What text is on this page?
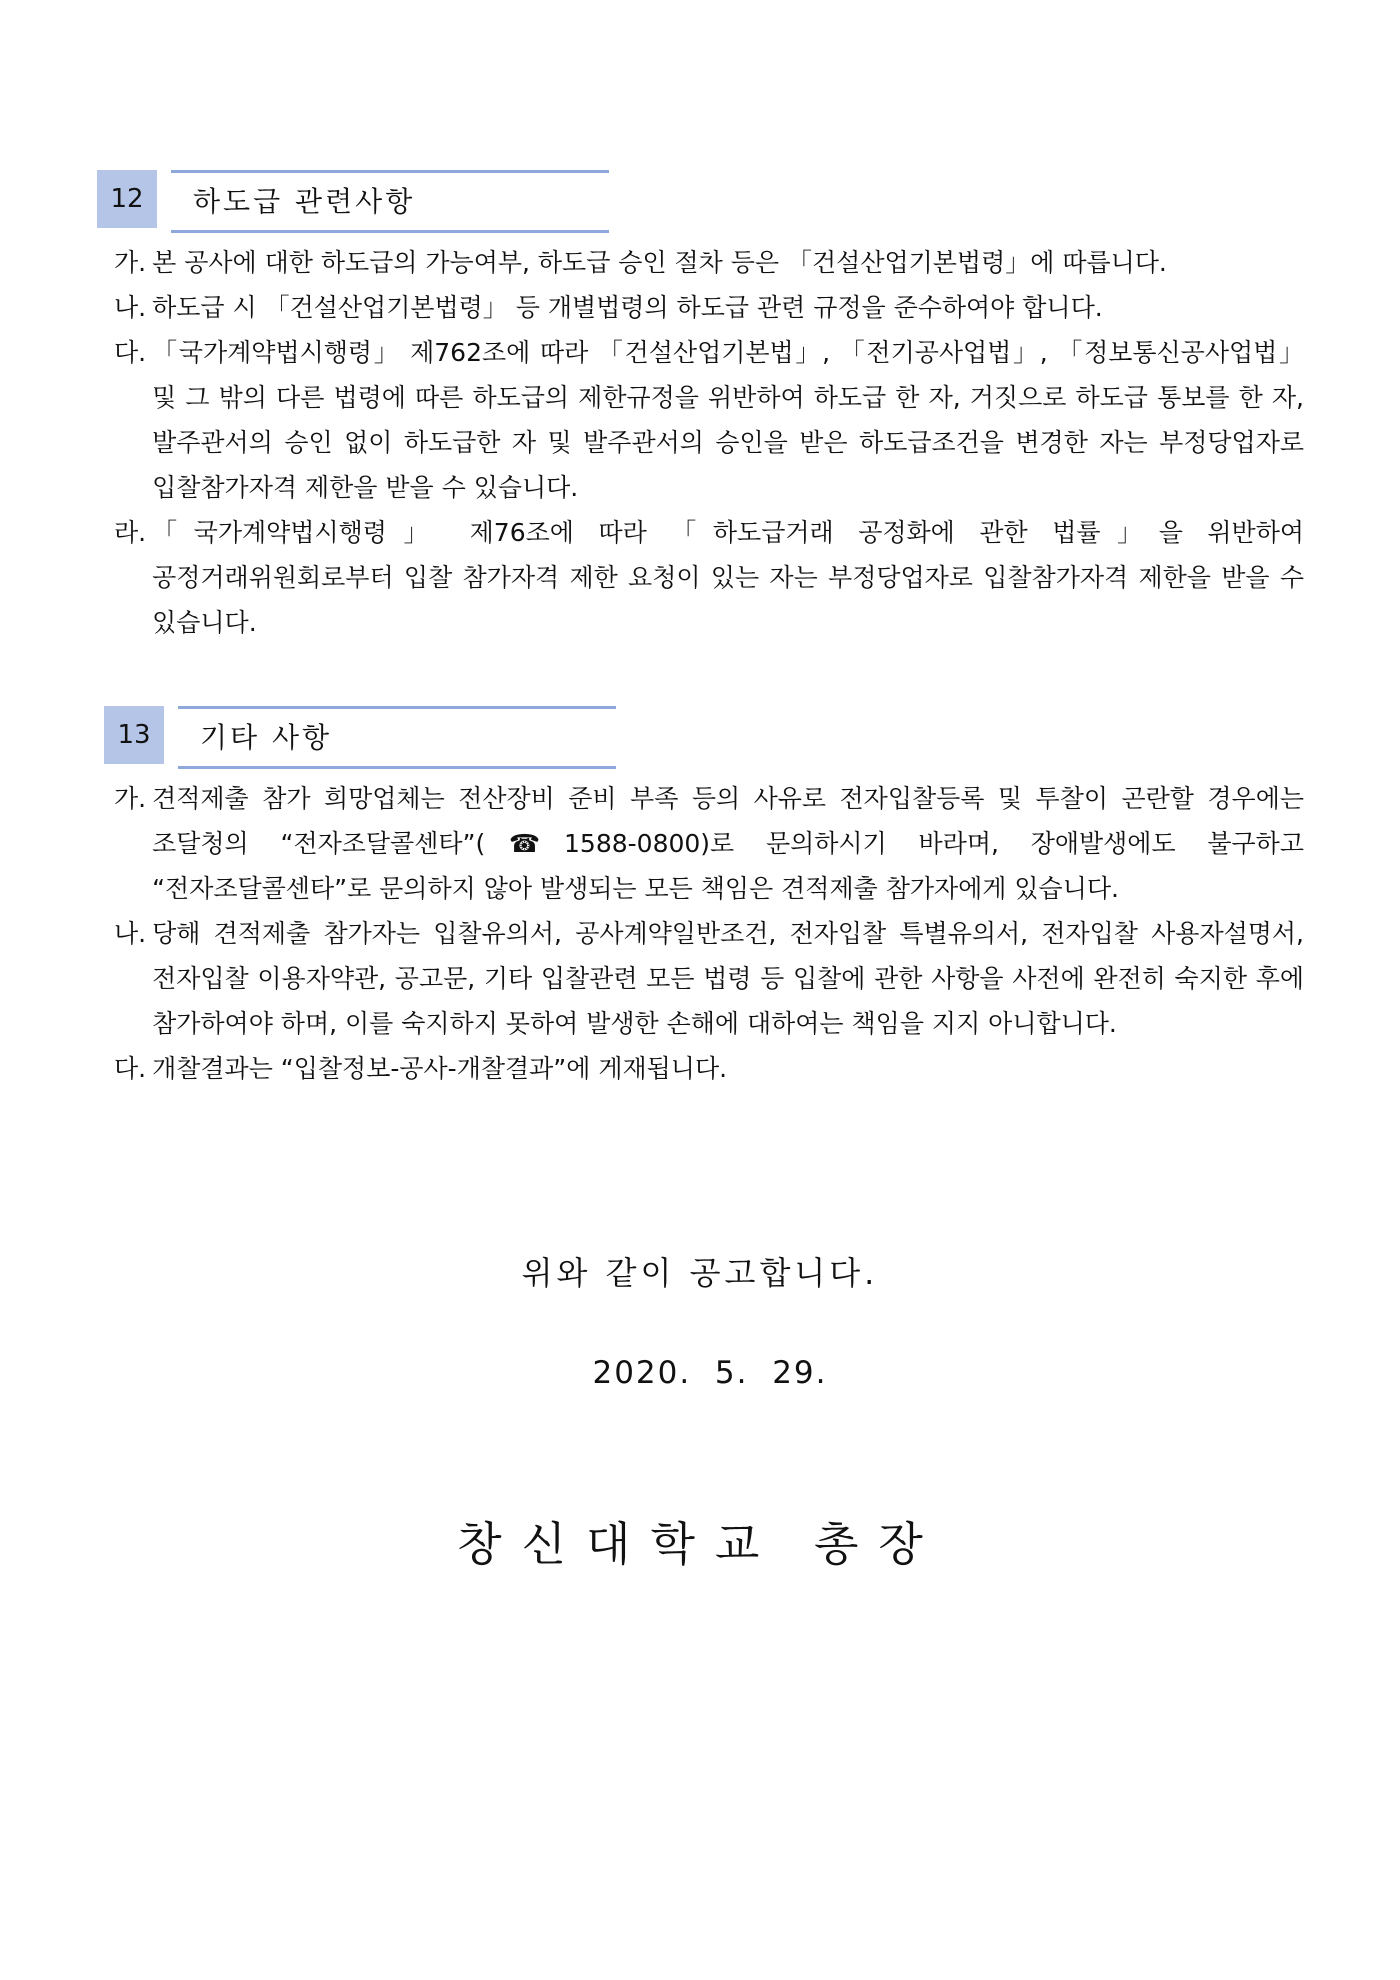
12 하도급 관련사항
가. 본 공사에 대한 하도급의 가능여부, 하도급 승인 절차 등은 「건설산업기본법령」에 따릅니다.
나. 하도급 시 「건설산업기본법령」 등 개별법령의 하도급 관련 규정을 준수하여야 합니다.
다. 「국가계약법시행령」 제762조에 따라 「건설산업기본법」, 「전기공사업법」, 「정보통신공사업법」 및 그 밖의 다른 법령에 따른 하도급의 제한규정을 위반하여 하도급 한 자, 거짓으로 하도급 통보를 한 자, 발주관서의 승인 없이 하도급한 자 및 발주관서의 승인을 받은 하도급조건을 변경한 자는 부정당업자로 입찰참가자격 제한을 받을 수 있습니다.
라. 「국가계약법시행령」 제76조에 따라 「하도급거래 공정화에 관한 법률」을 위반하여 공정거래위원회로부터 입찰 참가자격 제한 요청이 있는 자는 부정당업자로 입찰참가자격 제한을 받을 수 있습니다.
13 기타 사항
가. 견적제출 참가 희망업체는 전산장비 준비 부족 등의 사유로 전자입찰등록 및 투찰이 곤란할 경우에는 조달청의 “전자조달콜센타”(☎1588-0800)로 문의하시기 바라며, 장애발생에도 불구하고 “전자조달콜센타”로 문의하지 않아 발생되는 모든 책임은 견적제출 참가자에게 있습니다.
나. 당해 견적제출 참가자는 입찰유의서, 공사계약일반조건, 전자입찰 특별유의서, 전자입찰 사용자설명서, 전자입찰 이용자약관, 공고문, 기타 입찰관련 모든 법령 등 입찰에 관한 사항을 사전에 완전히 숙지한 후에 참가하여야 하며, 이를 숙지하지 못하여 발생한 손해에 대하여는 책임을 지지 아니합니다.
다. 개찰결과는 “입찰정보-공사-개찰결과”에 게재됩니다.
위와 같이 공고합니다.
2020.  5.  29.
창신대학교 총장
